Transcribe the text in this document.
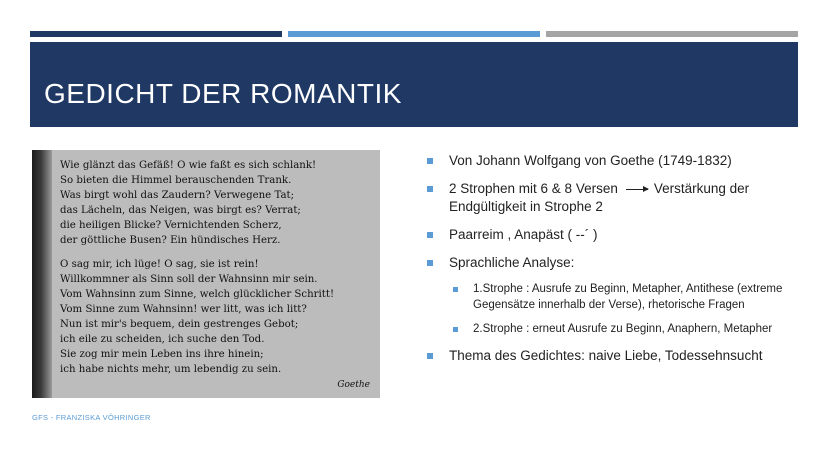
GEDICHT DER ROMANTIK
Wie glänzt das Gefäß! O wie faßt es sich schlank!
So bieten die Himmel berauschenden Trank.
Was birgt wohl das Zaudern? Verwegene Tat;
das Lächeln, das Neigen, was birgt es? Verrat;
die heiligen Blicke? Vernichtenden Scherz,
der göttliche Busen? Ein hündisches Herz.
O sag mir, ich lüge! O sag, sie ist rein!
Willkommner als Sinn soll der Wahnsinn mir sein.
Vom Wahnsinn zum Sinne, welch glücklicher Schritt!
Vom Sinne zum Wahnsinn! wer litt, was ich litt?
Nun ist mir's bequem, dein gestrenges Gebot;
ich eile zu scheiden, ich suche den Tod.
Sie zog mir mein Leben ins ihre hinein;
ich habe nichts mehr, um lebendig zu sein.
Goethe
Von Johann Wolfgang von Goethe (1749-1832)
2 Strophen mit 6 & 8 Versen	Verstärkung der Endgültigkeit in Strophe 2
Paarreim , Anapäst ( --´ )
Sprachliche Analyse:
1.Strophe : Ausrufe zu Beginn, Metapher, Antithese (extreme Gegensätze innerhalb der Verse), rhetorische Fragen
2.Strophe : erneut Ausrufe zu Beginn, Anaphern, Metapher
Thema des Gedichtes: naive Liebe, Todessehnsucht
GFS - FRANZISKA VÖHRINGER
